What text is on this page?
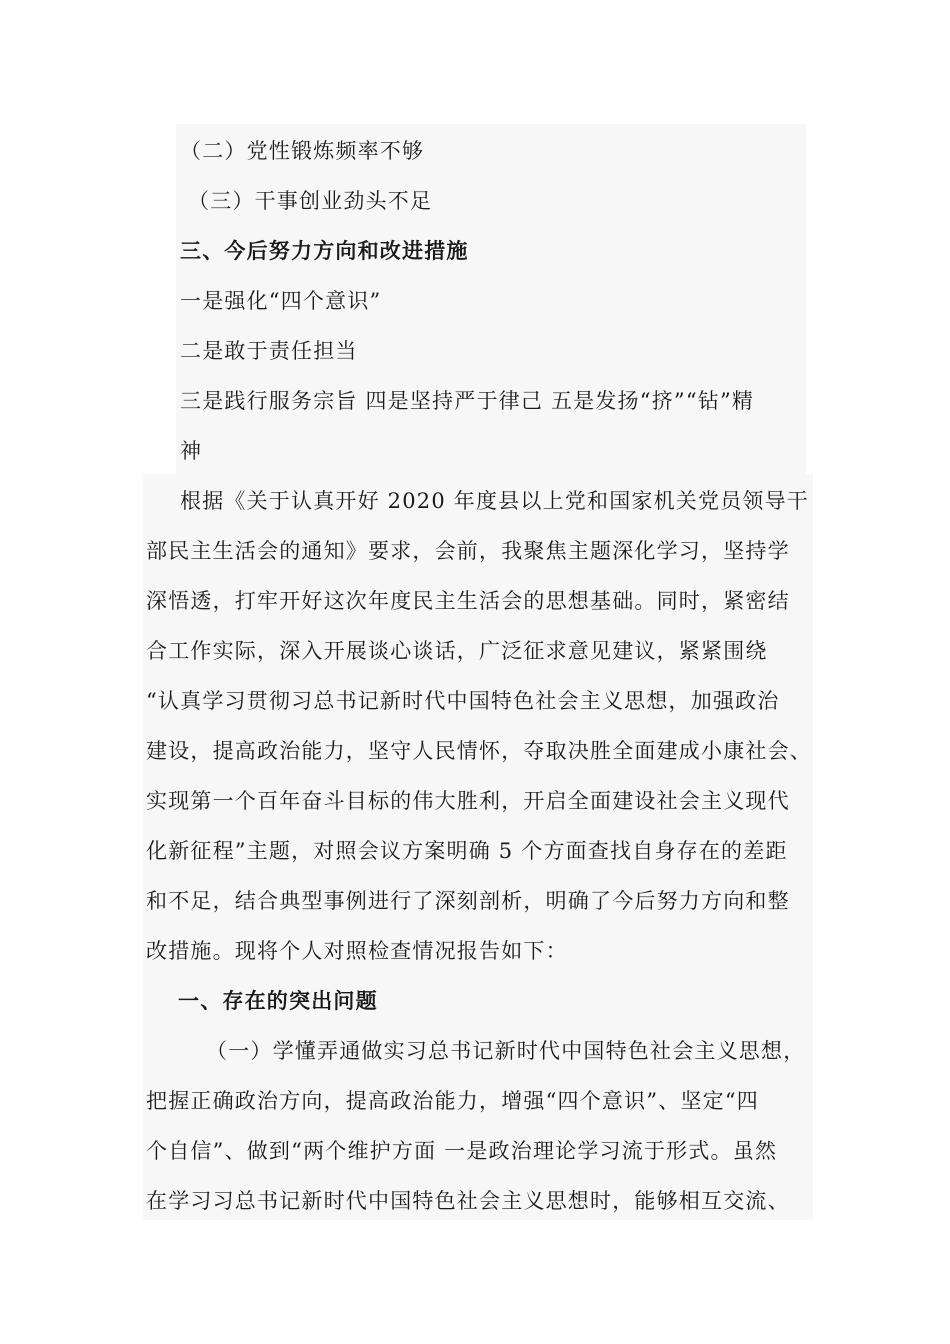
（二）党性锻炼频率不够
（三）干事创业劲头不足
三、今后努力方向和改进措施
一是强化“四个意识”
二是敢于责任担当
三是践行服务宗旨 四是坚持严于律己 五是发扬“挤”“钻”精
神
根据《关于认真开好 2020 年度县以上党和国家机关党员领导干
部民主生活会的通知》要求，会前，我聚焦主题深化学习，坚持学
深悟透，打牢开好这次年度民主生活会的思想基础。同时，紧密结
合工作实际，深入开展谈心谈话，广泛征求意见建议，紧紧围绕
“认真学习贯彻习总书记新时代中国特色社会主义思想，加强政治
建设，提高政治能力，坚守人民情怀，夺取决胜全面建成小康社会、
实现第一个百年奋斗目标的伟大胜利，开启全面建设社会主义现代
化新征程”主题，对照会议方案明确 5 个方面查找自身存在的差距
和不足，结合典型事例进行了深刻剖析，明确了今后努力方向和整
改措施。现将个人对照检查情况报告如下：
一、存在的突出问题
（一）学懂弄通做实习总书记新时代中国特色社会主义思想，
把握正确政治方向，提高政治能力，增强“四个意识”、坚定“四
个自信”、做到“两个维护方面 一是政治理论学习流于形式。虽然
在学习习总书记新时代中国特色社会主义思想时，能够相互交流、
